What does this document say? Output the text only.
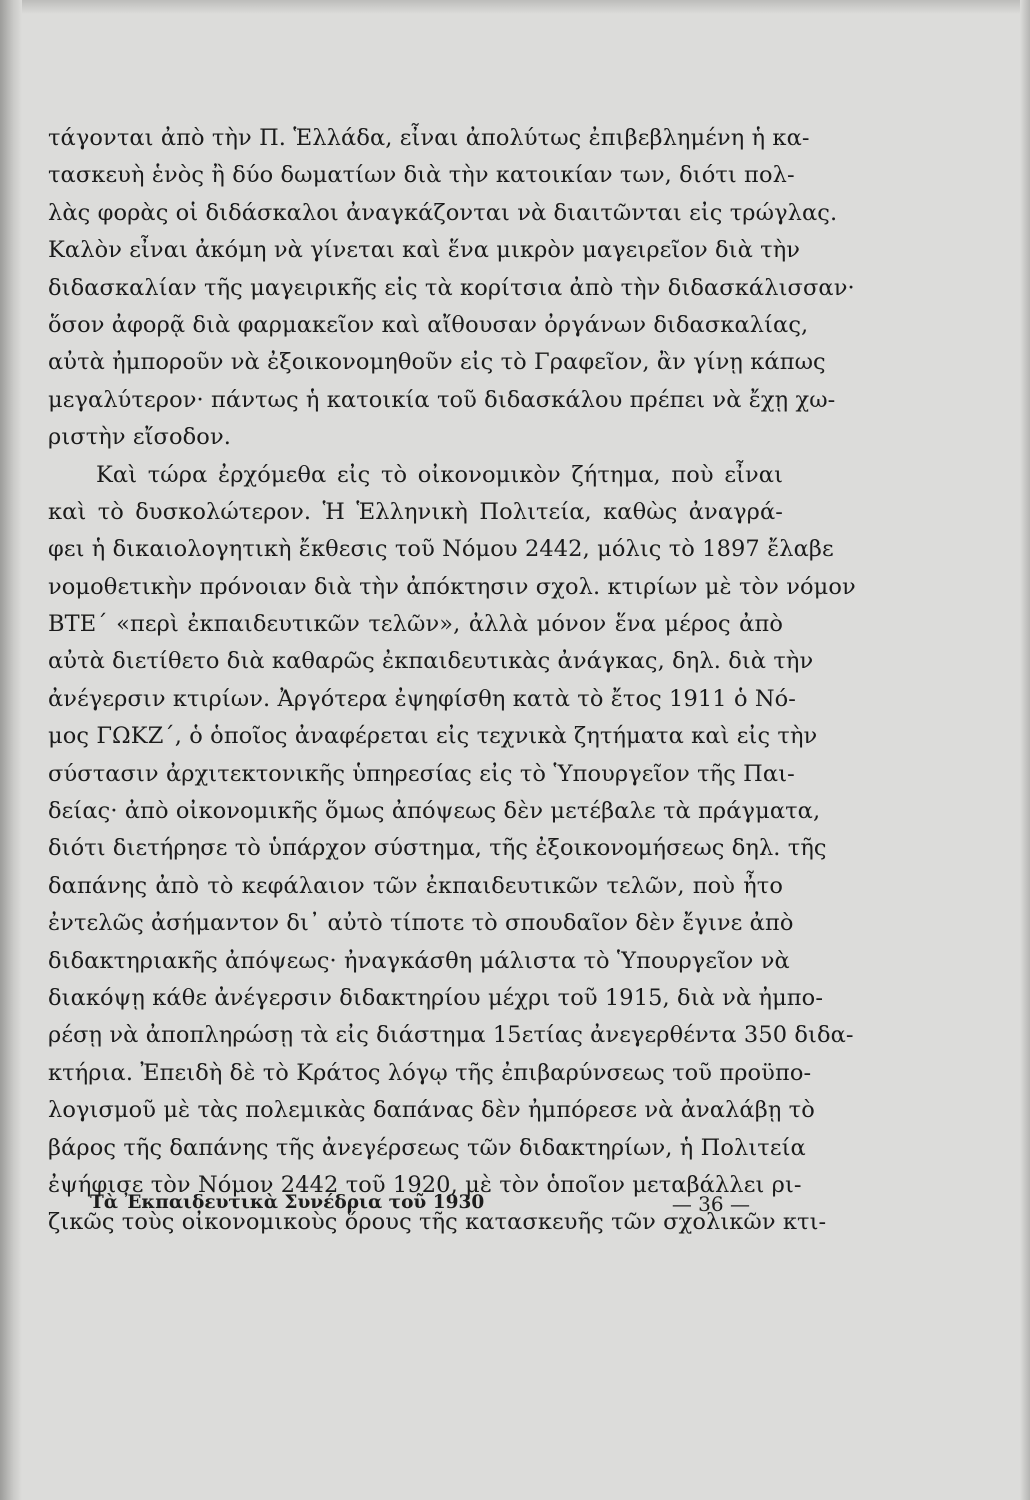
τάγονται ἀπὸ τὴν Π. Ἑλλάδα, εἶναι ἀπολύτως ἐπιβεβλημένη ἡ κα-
τασκευὴ ἑνὸς ἢ δύο δωματίων διὰ τὴν κατοικίαν των, διότι πολ-
λὰς φορὰς οἱ διδάσκαλοι ἀναγκάζονται νὰ διαιτῶνται εἰς τρώγλας.
Καλὸν εἶναι ἀκόμη νὰ γίνεται καὶ ἕνα μικρὸν μαγειρεῖον διὰ τὴν
διδασκαλίαν τῆς μαγειρικῆς εἰς τὰ κορίτσια ἀπὸ τὴν διδασκάλισσαν·
ὅσον ἀφορᾷ διὰ φαρμακεῖον καὶ αἴθουσαν ὀργάνων διδασκαλίας,
αὐτὰ ἠμποροῦν νὰ ἐξοικονομηθοῦν εἰς τὸ Γραφεῖον, ἂν γίνῃ κάπως
μεγαλύτερον· πάντως ἡ κατοικία τοῦ διδασκάλου πρέπει νὰ ἔχῃ χω-
ριστὴν εἴσοδον.
Καὶ τώρα ἐρχόμεθα εἰς τὸ οἰκονομικὸν ζήτημα, ποὺ εἶναι
καὶ τὸ δυσκολώτερον. Ἡ Ἑλληνικὴ Πολιτεία, καθὼς ἀναγρά-
φει ἡ δικαιολογητικὴ ἔκθεσις τοῦ Νόμου 2442, μόλις τὸ 1897 ἔλαβε
νομοθετικὴν πρόνοιαν διὰ τὴν ἀπόκτησιν σχολ. κτιρίων μὲ τὸν νόμον
ΒΤΕ΄ «περὶ ἐκπαιδευτικῶν τελῶν», ἀλλὰ μόνον ἕνα μέρος ἀπὸ
αὐτὰ διετίθετο διὰ καθαρῶς ἐκπαιδευτικὰς ἀνάγκας, δηλ. διὰ τὴν
ἀνέγερσιν κτιρίων. Ἀργότερα ἐψηφίσθη κατὰ τὸ ἔτος 1911 ὁ Νό-
μος ΓΩΚΖ΄, ὁ ὁποῖος ἀναφέρεται εἰς τεχνικὰ ζητήματα καὶ εἰς τὴν
σύστασιν ἀρχιτεκτονικῆς ὑπηρεσίας εἰς τὸ Ὑπουργεῖον τῆς Παι-
δείας· ἀπὸ οἰκονομικῆς ὅμως ἀπόψεως δὲν μετέβαλε τὰ πράγματα,
διότι διετήρησε τὸ ὑπάρχον σύστημα, τῆς ἐξοικονομήσεως δηλ. τῆς
δαπάνης ἀπὸ τὸ κεφάλαιον τῶν ἐκπαιδευτικῶν τελῶν, ποὺ ἦτο
ἐντελῶς ἀσήμαντον δι᾽ αὐτὸ τίποτε τὸ σπουδαῖον δὲν ἔγινε ἀπὸ
διδακτηριακῆς ἀπόψεως· ἠναγκάσθη μάλιστα τὸ Ὑπουργεῖον νὰ
διακόψῃ κάθε ἀνέγερσιν διδακτηρίου μέχρι τοῦ 1915, διὰ νὰ ἠμπο-
ρέσῃ νὰ ἀποπληρώσῃ τὰ εἰς διάστημα 15ετίας ἀνεγερθέντα 350 διδα-
κτήρια. Ἐπειδὴ δὲ τὸ Κράτος λόγῳ τῆς ἐπιβαρύνσεως τοῦ προϋπο-
λογισμοῦ μὲ τὰς πολεμικὰς δαπάνας δὲν ἠμπόρεσε νὰ ἀναλάβῃ τὸ
βάρος τῆς δαπάνης τῆς ἀνεγέρσεως τῶν διδακτηρίων, ἡ Πολιτεία
ἐψήφισε τὸν Νόμον 2442 τοῦ 1920, μὲ τὸν ὁποῖον μεταβάλλει ρι-
ζικῶς τοὺς οἰκονομικοὺς ὅρους τῆς κατασκευῆς τῶν σχολικῶν κτι-
Τὰ Ἐκπαιδευτικὰ Συνέδρια τοῦ 1930	— 36 —
